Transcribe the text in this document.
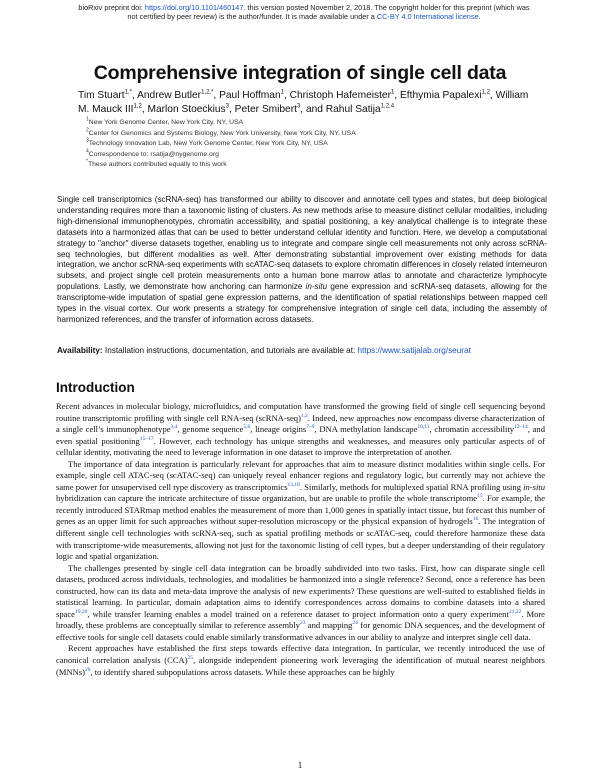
bioRxiv preprint doi: https://doi.org/10.1101/460147. this version posted November 2, 2018. The copyright holder for this preprint (which was
not certified by peer review) is the author/funder. It is made available under a CC-BY 4.0 International license.
Comprehensive integration of single cell data
Tim Stuart$^{1,*}$, Andrew Butler$^{1,2,*}$, Paul Hoffman$^1$, Christoph Hafemeister$^1$, Efthymia Papalexi$^{1,2}$, William M. Mauck III$^{1,2}$, Marlon Stoeckius$^3$, Peter Smibert$^3$, and Rahul Satija$^{1,2,4}$
$^1$New York Genome Center, New York City, NY, USA
$^2$Center for Genomics and Systems Biology, New York University, New York City, NY, USA
$^3$Technology Innovation Lab, New York Genome Center, New York City, NY, USA
$^4$Correspondence to: rsatija@nygenome.org
*These authors contributed equally to this work

Single cell transcriptomics (scRNA-seq) has transformed our ability to discover and annotate cell types and states, but deep biological understanding requires more than a taxonomic listing of clusters. As new methods arise to measure distinct cellular modalities, including high-dimensional immunophenotypes, chromatin accessibility, and spatial positioning, a key analytical challenge is to integrate these datasets into a harmonized atlas that can be used to better understand cellular identity and function. Here, we develop a computational strategy to "anchor" diverse datasets together, enabling us to integrate and compare single cell measurements not only across scRNA-seq technologies, but different modalities as well. After demonstrating substantial improvement over existing methods for data integration, we anchor scRNA-seq experiments with scATAC-seq datasets to explore chromatin differences in closely related interneuron subsets, and project single cell protein measurements onto a human bone marrow atlas to annotate and characterize lymphocyte populations. Lastly, we demonstrate how anchoring can harmonize in-situ gene expression and scRNA-seq datasets, allowing for the transcriptome-wide imputation of spatial gene expression patterns, and the identification of spatial relationships between mapped cell types in the visual cortex. Our work presents a strategy for comprehensive integration of single cell data, including the assembly of harmonized references, and the transfer of information across datasets.

Availability: Installation instructions, documentation, and tutorials are available at: https://www.satijalab.org/seurat

Introduction

Recent advances in molecular biology, microfluidics, and computation have transformed the growing field of single cell sequencing beyond routine transcriptomic profiling with single cell RNA-seq (scRNA-seq)$^{1,2}$. Indeed, new approaches now encompass diverse characterization of a single cell’s immunophenotype$^{3,4}$, genome sequence$^{5,6}$, lineage origins$^{7-9}$, DNA methylation landscape$^{10,11}$, chromatin accessibility$^{12-14}$, and even spatial positioning$^{15-17}$. However, each technology has unique strengths and weaknesses, and measures only particular aspects of of cellular identity, motivating the need to leverage information in one dataset to improve the interpretation of another.

The importance of data integration is particularly relevant for approaches that aim to measure distinct modalities within single cells. For example, single cell ATAC-seq (scATAC-seq) can uniquely reveal enhancer regions and regulatory logic, but currently may not achieve the same power for unsupervised cell type discovery as transcriptomics$^{13,18}$. Similarly, methods for multiplexed spatial RNA profiling using in-situ hybridization can capture the intricate architecture of tissue organization, but are unable to profile the whole transcriptome$^{15}$. For example, the recently introduced STARmap method enables the measurement of more than 1,000 genes in spatially intact tissue, but forecast this number of genes as an upper limit for such approaches without super-resolution microscopy or the physical expansion of hydrogels$^{16}$. The integration of different single cell technologies with scRNA-seq, such as spatial profiling methods or scATAC-seq, could therefore harmonize these data with transcriptome-wide measurements, allowing not just for the taxonomic listing of cell types, but a deeper understanding of their regulatory logic and spatial organization.

The challenges presented by single cell data integration can be broadly subdivided into two tasks. First, how can disparate single cell datasets, produced across individuals, technologies, and modalities be harmonized into a single reference? Second, once a reference has been constructed, how can its data and meta-data improve the analysis of new experiments? These questions are well-suited to established fields in statistical learning. In particular, domain adaptation aims to identify correspondences across domains to combine datasets into a shared space$^{19,20}$, while transfer learning enables a model trained on a reference dataset to project information onto a query experiment$^{21,22}$. More broadly, these problems are conceptually similar to reference assembly$^{23}$ and mapping$^{24}$ for genomic DNA sequences, and the development of effective tools for single cell datasets could enable similarly transformative advances in our ability to analyze and interpret single cell data.

Recent approaches have established the first steps towards effective data integration. In particular, we recently introduced the use of canonical correlation analysis (CCA)$^{25}$, alongside independent pioneering work leveraging the identification of mutual nearest neighbors (MNNs)$^{26}$, to identify shared subpopulations across datasets. While these approaches can be highly

1
